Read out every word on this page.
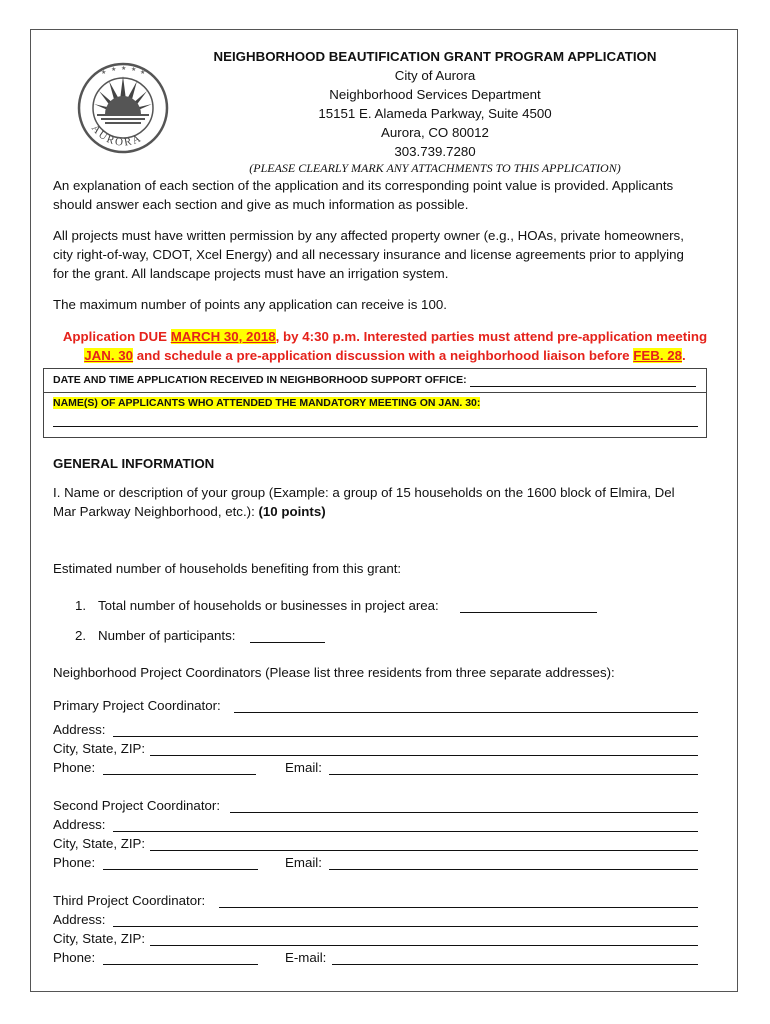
★ ★ ★ ★ ★
AURORA
NEIGHBORHOOD BEAUTIFICATION GRANT PROGRAM APPLICATION
City of Aurora
Neighborhood Services Department
15151 E. Alameda Parkway, Suite 4500
Aurora, CO 80012
303.739.7280
(PLEASE CLEARLY MARK ANY ATTACHMENTS TO THIS APPLICATION)
An explanation of each section of the application and its corresponding point value is provided. Applicants
should answer each section and give as much information as possible.
All projects must have written permission by any affected property owner (e.g., HOAs, private homeowners,
city right-of-way, CDOT, Xcel Energy) and all necessary insurance and license agreements prior to applying
for the grant. All landscape projects must have an irrigation system.
The maximum number of points any application can receive is 100.
Application DUE MARCH 30, 2018, by 4:30 p.m. Interested parties must attend pre-application meeting
JAN. 30 and schedule a pre-application discussion with a neighborhood liaison before FEB. 28.
DATE AND TIME APPLICATION RECEIVED IN NEIGHBORHOOD SUPPORT OFFICE:
NAME(S) OF APPLICANTS WHO ATTENDED THE MANDATORY MEETING ON JAN. 30:
GENERAL INFORMATION
I. Name or description of your group (Example: a group of 15 households on the 1600 block of Elmira, Del
Mar Parkway Neighborhood, etc.): (10 points)
Estimated number of households benefiting from this grant:
1. Total number of households or businesses in project area:
2. Number of participants:
Neighborhood Project Coordinators (Please list three residents from three separate addresses):
Primary Project Coordinator:
Address:
City, State, ZIP:
Phone:	Email:
Second Project Coordinator:
Address:
City, State, ZIP:
Phone:	Email:
Third Project Coordinator:
Address:
City, State, ZIP:
Phone:	E-mail:
